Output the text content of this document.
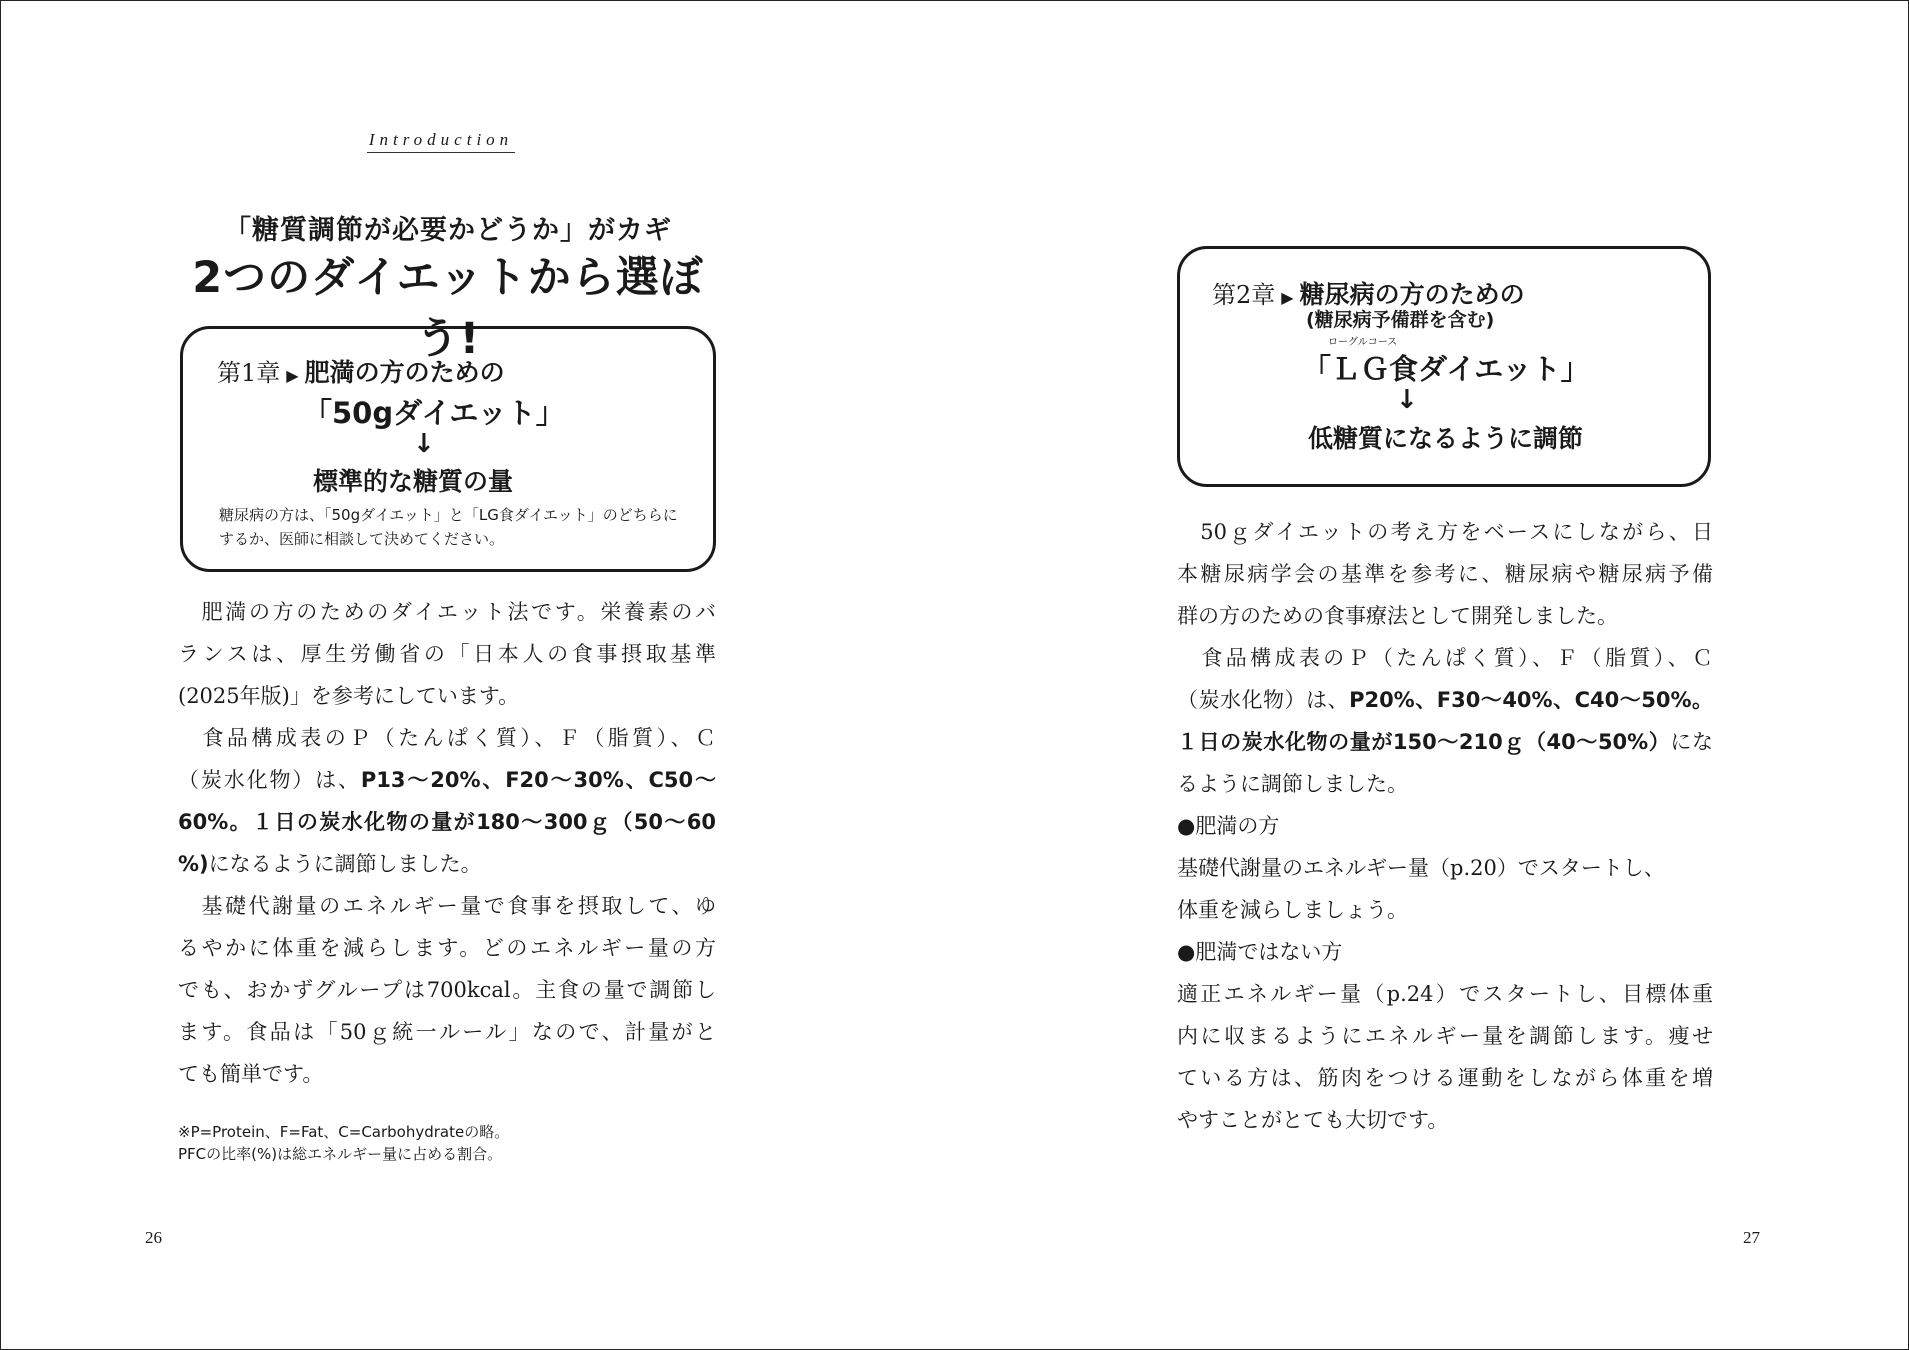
Introduction
「糖質調節が必要かどうか」がカギ
2つのダイエットから選ぼう!
第1章 ▶ 肥満の方のための
「50gダイエット」
↓
標準的な糖質の量
糖尿病の方は、「50gダイエット」と「LG食ダイエット」のどちらに
するか、医師に相談して決めてください。
　肥満の方のためのダイエット法です。栄養素のバ
ランスは、厚生労働省の「日本人の食事摂取基準
(2025年版)」を参考にしています。
　食品構成表のＰ（たんぱく質）、Ｆ（脂質）、Ｃ
（炭水化物）は、P13〜20%、F20〜30%、C50〜
60%。１日の炭水化物の量が180〜300ｇ（50〜60
%)になるように調節しました。
　基礎代謝量のエネルギー量で食事を摂取して、ゆ
るやかに体重を減らします。どのエネルギー量の方
でも、おかずグループは700kcal。主食の量で調節し
ます。食品は「50ｇ統一ルール」なので、計量がと
ても簡単です。
※P=Protein、F=Fat、C=Carbohydrateの略。
PFCの比率(%)は総エネルギー量に占める割合。
26
第2章 ▶ 糖尿病の方のための
(糖尿病予備群を含む)
ローグルコース
「ＬＧ食ダイエット」
↓
低糖質になるように調節
　50ｇダイエットの考え方をベースにしながら、日
本糖尿病学会の基準を参考に、糖尿病や糖尿病予備
群の方のための食事療法として開発しました。
　食品構成表のＰ（たんぱく質）、Ｆ（脂質）、Ｃ
（炭水化物）は、P20%、F30〜40%、C40〜50%。
１日の炭水化物の量が150〜210ｇ（40〜50%）にな
るように調節しました。
●肥満の方
基礎代謝量のエネルギー量（p.20）でスタートし、
体重を減らしましょう。
●肥満ではない方
適正エネルギー量（p.24）でスタートし、目標体重
内に収まるようにエネルギー量を調節します。痩せ
ている方は、筋肉をつける運動をしながら体重を増
やすことがとても大切です。
27
